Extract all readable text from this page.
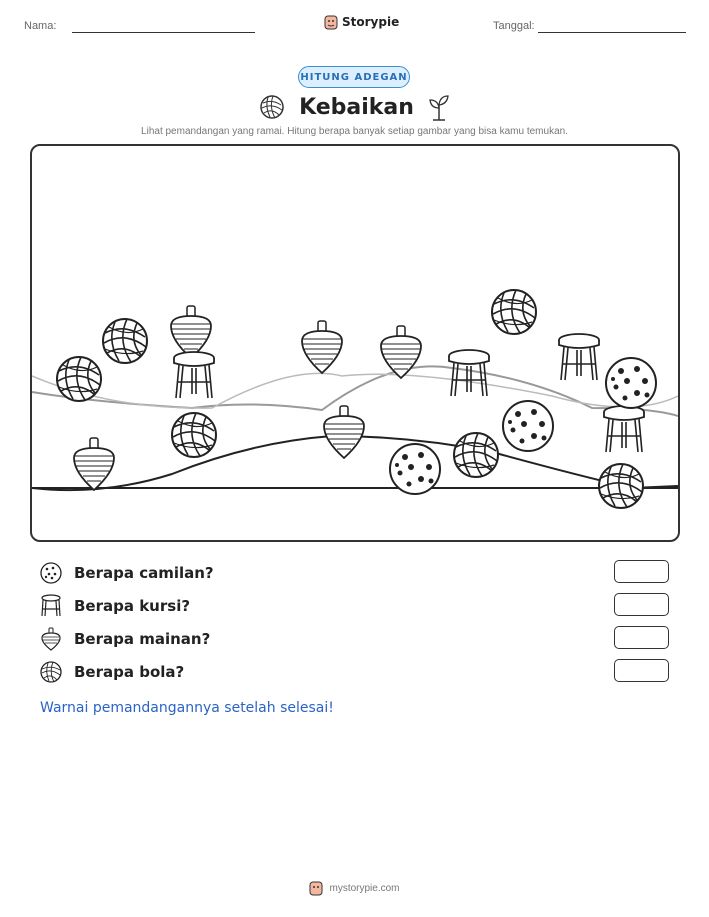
Nama:	Storypie	Tanggal:
HITUNG ADEGAN
Kebaikan
Lihat pemandangan yang ramai. Hitung berapa banyak setiap gambar yang bisa kamu temukan.
Berapa camilan?
Berapa kursi?
Berapa mainan?
Berapa bola?
Warnai pemandangannya setelah selesai!
mystorypie.com
